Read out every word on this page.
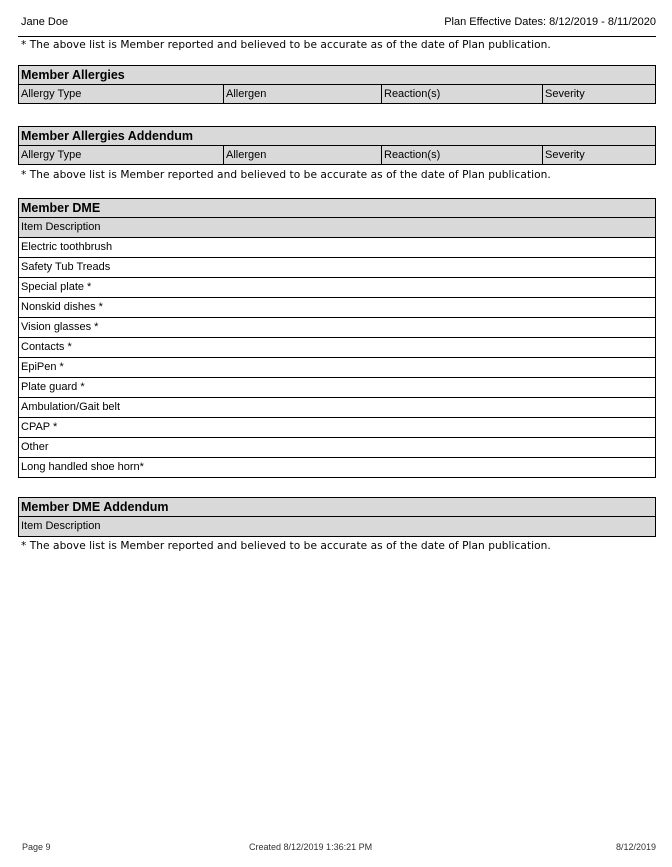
Jane Doe	Plan Effective Dates: 8/12/2019 - 8/11/2020
* The above list is Member reported and believed to be accurate as of the date of Plan publication.
Member Allergies
Allergy Type	Allergen	Reaction(s)	Severity
Member Allergies Addendum
Allergy Type	Allergen	Reaction(s)	Severity
* The above list is Member reported and believed to be accurate as of the date of Plan publication.
Member DME
Item Description
Electric toothbrush
Safety Tub Treads
Special plate *
Nonskid dishes *
Vision glasses *
Contacts *
EpiPen *
Plate guard *
Ambulation/Gait belt
CPAP *
Other
Long handled shoe horn*
Member DME Addendum
Item Description
* The above list is Member reported and believed to be accurate as of the date of Plan publication.
Page 9	Created 8/12/2019 1:36:21 PM	8/12/2019
